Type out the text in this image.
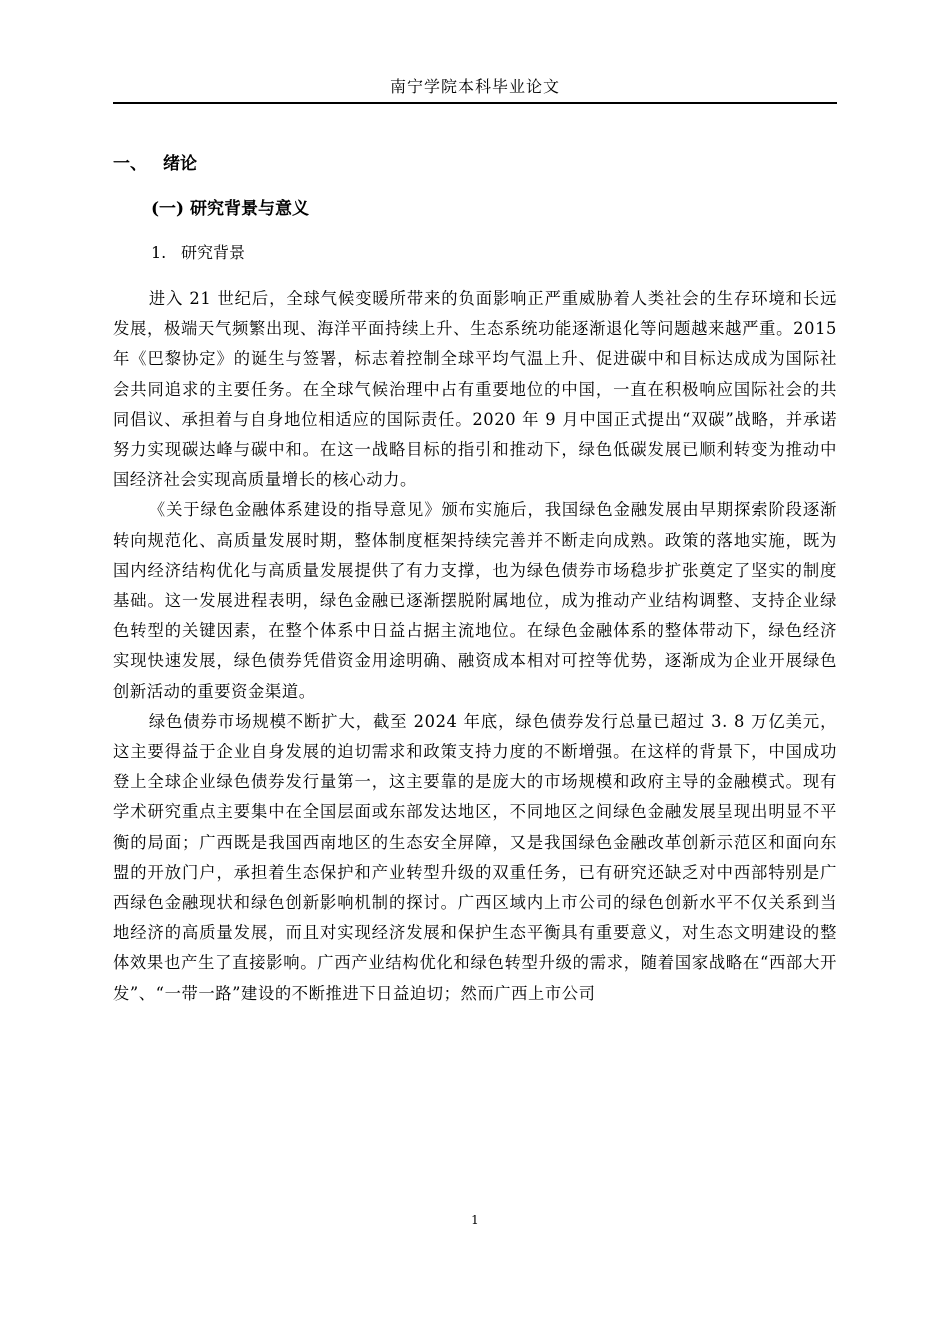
南宁学院本科毕业论文
一、 绪论
(一) 研究背景与意义
1. 研究背景

进入 21 世纪后，全球气候变暖所带来的负面影响正严重威胁着人类社会的生存环境和长远发展，极端天气频繁出现、海洋平面持续上升、生态系统功能逐渐退化等问题越来越严重。2015 年《巴黎协定》的诞生与签署，标志着控制全球平均气温上升、促进碳中和目标达成成为国际社会共同追求的主要任务。在全球气候治理中占有重要地位的中国，一直在积极响应国际社会的共同倡议、承担着与自身地位相适应的国际责任。2020 年 9 月中国正式提出“双碳”战略，并承诺努力实现碳达峰与碳中和。在这一战略目标的指引和推动下，绿色低碳发展已顺利转变为推动中国经济社会实现高质量增长的核心动力。

《关于绿色金融体系建设的指导意见》颁布实施后，我国绿色金融发展由早期探索阶段逐渐转向规范化、高质量发展时期，整体制度框架持续完善并不断走向成熟。政策的落地实施，既为国内经济结构优化与高质量发展提供了有力支撑，也为绿色债券市场稳步扩张奠定了坚实的制度基础。这一发展进程表明，绿色金融已逐渐摆脱附属地位，成为推动产业结构调整、支持企业绿色转型的关键因素，在整个体系中日益占据主流地位。在绿色金融体系的整体带动下，绿色经济实现快速发展，绿色债券凭借资金用途明确、融资成本相对可控等优势，逐渐成为企业开展绿色创新活动的重要资金渠道。

绿色债券市场规模不断扩大，截至 2024 年底，绿色债券发行总量已超过 3. 8 万亿美元，这主要得益于企业自身发展的迫切需求和政策支持力度的不断增强。在这样的背景下，中国成功登上全球企业绿色债券发行量第一，这主要靠的是庞大的市场规模和政府主导的金融模式。现有学术研究重点主要集中在全国层面或东部发达地区，不同地区之间绿色金融发展呈现出明显不平衡的局面；广西既是我国西南地区的生态安全屏障，又是我国绿色金融改革创新示范区和面向东盟的开放门户，承担着生态保护和产业转型升级的双重任务，已有研究还缺乏对中西部特别是广西绿色金融现状和绿色创新影响机制的探讨。广西区域内上市公司的绿色创新水平不仅关系到当地经济的高质量发展，而且对实现经济发展和保护生态平衡具有重要意义，对生态文明建设的整体效果也产生了直接影响。广西产业结构优化和绿色转型升级的需求，随着国家战略在“西部大开发”、“一带一路”建设的不断推进下日益迫切；然而广西上市公司

1
